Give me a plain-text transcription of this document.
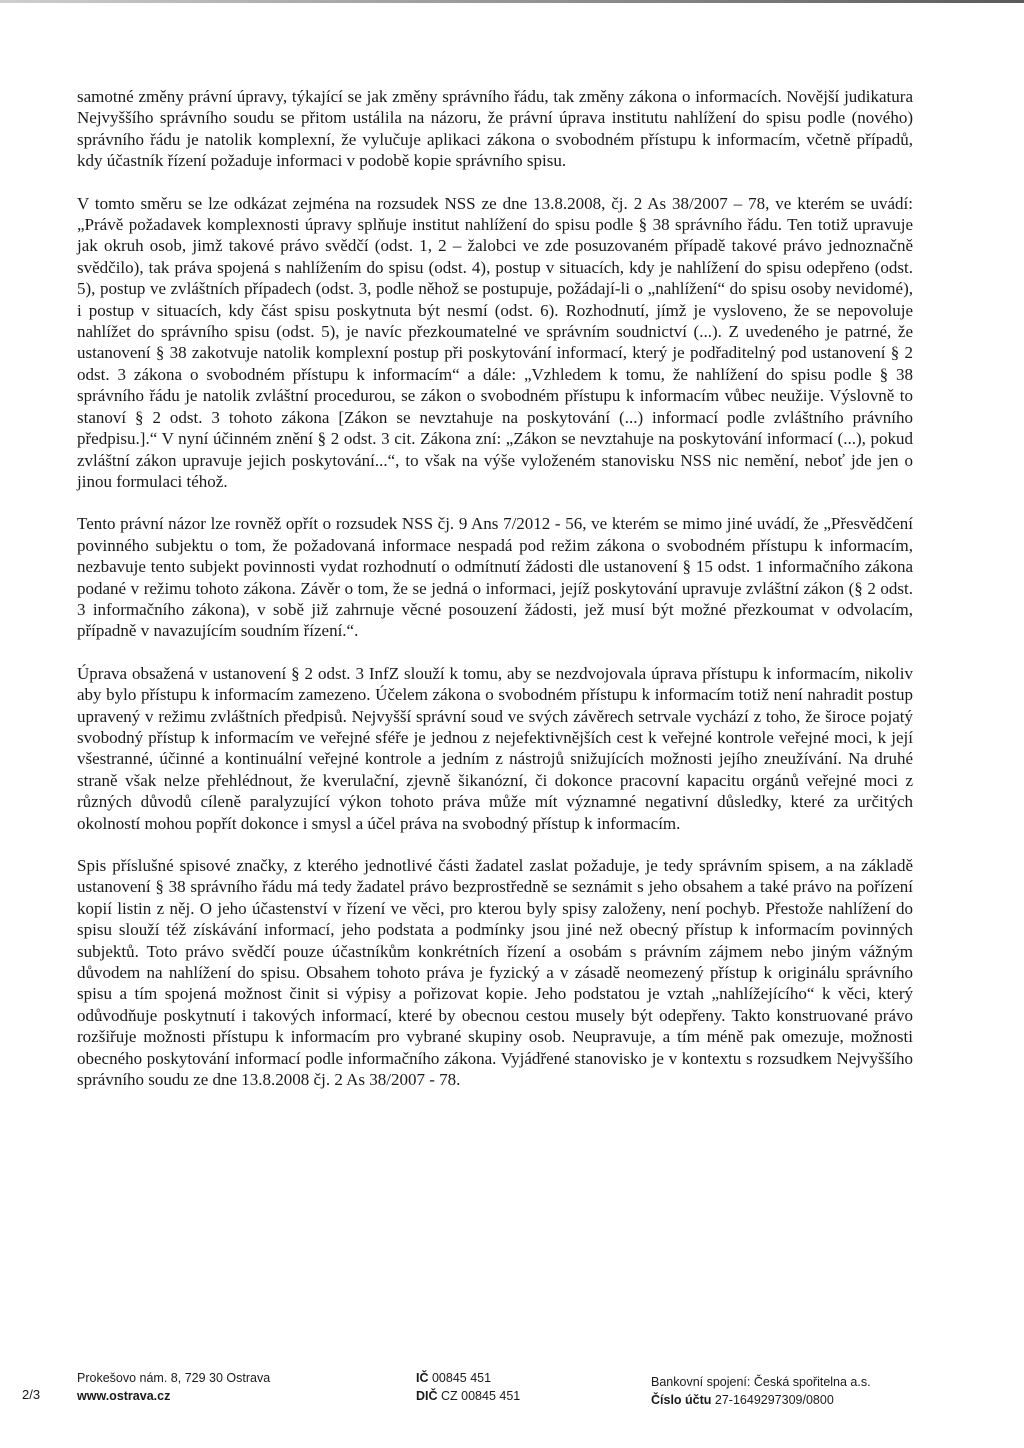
samotné změny právní úpravy, týkající se jak změny správního řádu, tak změny zákona o informacích. Novější judikatura Nejvyššího správního soudu se přitom ustálila na názoru, že právní úprava institutu nahlížení do spisu podle (nového) správního řádu je natolik komplexní, že vylučuje aplikaci zákona o svobodném přístupu k informacím, včetně případů, kdy účastník řízení požaduje informaci v podobě kopie správního spisu.

V tomto směru se lze odkázat zejména na rozsudek NSS ze dne 13.8.2008, čj. 2 As 38/2007 – 78, ve kterém se uvádí: „Právě požadavek komplexnosti úpravy splňuje institut nahlížení do spisu podle § 38 správního řádu. Ten totiž upravuje jak okruh osob, jimž takové právo svědčí (odst. 1, 2 – žalobci ve zde posuzovaném případě takové právo jednoznačně svědčilo), tak práva spojená s nahlížením do spisu (odst. 4), postup v situacích, kdy je nahlížení do spisu odepřeno (odst. 5), postup ve zvláštních případech (odst. 3, podle něhož se postupuje, požádají-li o „nahlížení“ do spisu osoby nevidomé), i postup v situacích, kdy část spisu poskytnuta být nesmí (odst. 6). Rozhodnutí, jímž je vysloveno, že se nepovoluje nahlížet do správního spisu (odst. 5), je navíc přezkoumatelné ve správním soudnictví (...). Z uvedeného je patrné, že ustanovení § 38 zakotvuje natolik komplexní postup při poskytování informací, který je podřaditelný pod ustanovení § 2 odst. 3 zákona o svobodném přístupu k informacím“ a dále: „Vzhledem k tomu, že nahlížení do spisu podle § 38 správního řádu je natolik zvláštní procedurou, se zákon o svobodném přístupu k informacím vůbec neužije. Výslovně to stanoví § 2 odst. 3 tohoto zákona [Zákon se nevztahuje na poskytování (...) informací podle zvláštního právního předpisu.].“ V nyní účinném znění § 2 odst. 3 cit. Zákona zní: „Zákon se nevztahuje na poskytování informací (...), pokud zvláštní zákon upravuje jejich poskytování...“, to však na výše vyloženém stanovisku NSS nic nemění, neboť jde jen o jinou formulaci téhož.

Tento právní názor lze rovněž opřít o rozsudek NSS čj. 9 Ans 7/2012 - 56, ve kterém se mimo jiné uvádí, že „Přesvědčení povinného subjektu o tom, že požadovaná informace nespadá pod režim zákona o svobodném přístupu k informacím, nezbavuje tento subjekt povinnosti vydat rozhodnutí o odmítnutí žádosti dle ustanovení § 15 odst. 1 informačního zákona podané v režimu tohoto zákona. Závěr o tom, že se jedná o informaci, jejíž poskytování upravuje zvláštní zákon (§ 2 odst. 3 informačního zákona), v sobě již zahrnuje věcné posouzení žádosti, jež musí být možné přezkoumat v odvolacím, případně v navazujícím soudním řízení.“.

Úprava obsažená v ustanovení § 2 odst. 3 InfZ slouží k tomu, aby se nezdvojovala úprava přístupu k informacím, nikoliv aby bylo přístupu k informacím zamezeno. Účelem zákona o svobodném přístupu k informacím totiž není nahradit postup upravený v režimu zvláštních předpisů. Nejvyšší správní soud ve svých závěrech setrvale vychází z toho, že široce pojatý svobodný přístup k informacím ve veřejné sféře je jednou z nejefektivnějších cest k veřejné kontrole veřejné moci, k její všestranné, účinné a kontinuální veřejné kontrole a jedním z nástrojů snižujících možnosti jejího zneužívání. Na druhé straně však nelze přehlédnout, že kverulační, zjevně šikanózní, či dokonce pracovní kapacitu orgánů veřejné moci z různých důvodů cíleně paralyzující výkon tohoto práva může mít významné negativní důsledky, které za určitých okolností mohou popřít dokonce i smysl a účel práva na svobodný přístup k informacím.

Spis příslušné spisové značky, z kterého jednotlivé části žadatel zaslat požaduje, je tedy správním spisem, a na základě ustanovení § 38 správního řádu má tedy žadatel právo bezprostředně se seznámit s jeho obsahem a také právo na pořízení kopií listin z něj. O jeho účastenství v řízení ve věci, pro kterou byly spisy založeny, není pochyb. Přestože nahlížení do spisu slouží též získávání informací, jeho podstata a podmínky jsou jiné než obecný přístup k informacím povinných subjektů. Toto právo svědčí pouze účastníkům konkrétních řízení a osobám s právním zájmem nebo jiným vážným důvodem na nahlížení do spisu. Obsahem tohoto práva je fyzický a v zásadě neomezený přístup k originálu správního spisu a tím spojená možnost činit si výpisy a pořizovat kopie. Jeho podstatou je vztah „nahlížejícího“ k věci, který odůvodňuje poskytnutí i takových informací, které by obecnou cestou musely být odepřeny. Takto konstruované právo rozšiřuje možnosti přístupu k informacím pro vybrané skupiny osob. Neupravuje, a tím méně pak omezuje, možnosti obecného poskytování informací podle informačního zákona. Vyjádřené stanovisko je v kontextu s rozsudkem Nejvyššího správního soudu ze dne 13.8.2008 čj. 2 As 38/2007 - 78.

2/3
Prokešovo nám. 8, 729 30 Ostrava
www.ostrava.cz
IČ 00845 451
DIČ CZ 00845 451
Bankovní spojení: Česká spořitelna a.s.
Číslo účtu 27-1649297309/0800
